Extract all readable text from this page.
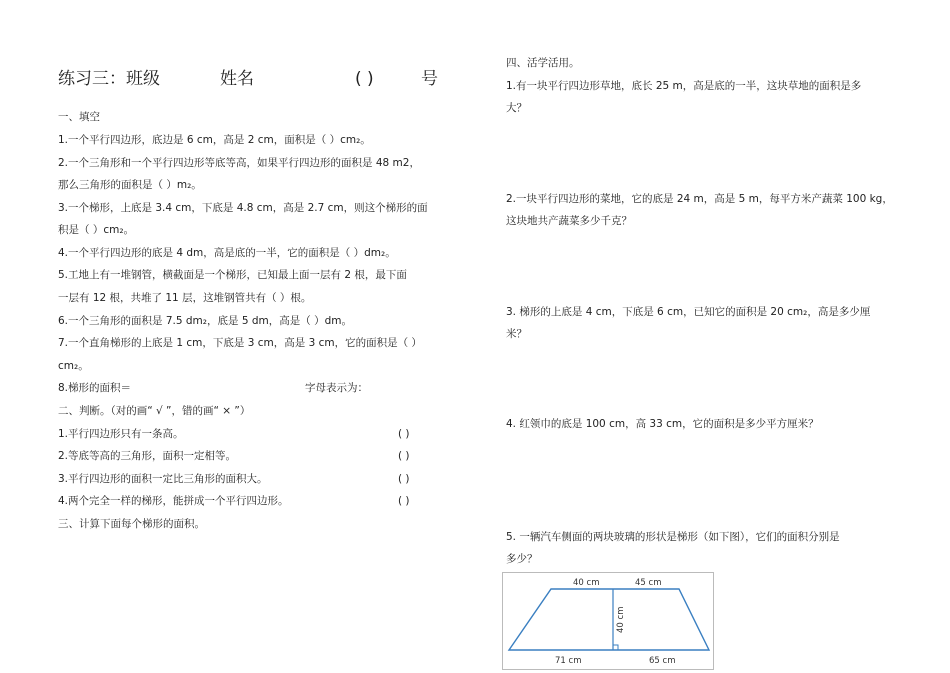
练习三：班级	姓名	( )	号
一、填空
1.一个平行四边形，底边是 6 cm，高是 2 cm，面积是（ ）cm₂。
2.一个三角形和一个平行四边形等底等高，如果平行四边形的面积是 48 m2，
那么三角形的面积是（ ）m₂。
3.一个梯形，上底是 3.4 cm，下底是 4.8 cm，高是 2.7 cm，则这个梯形的面
积是（ ）cm₂。
4.一个平行四边形的底是 4 dm，高是底的一半，它的面积是（ ）dm₂。
5.工地上有一堆钢管，横截面是一个梯形，已知最上面一层有 2 根，最下面
一层有 12 根，共堆了 11 层，这堆钢管共有（ ）根。
6.一个三角形的面积是 7.5 dm₂，底是 5 dm，高是（ ）dm。
7.一个直角梯形的上底是 1 cm，下底是 3 cm，高是 3 cm，它的面积是（ ）
cm₂。
8.梯形的面积＝	字母表示为：
二、判断。（对的画“ √ ”，错的画“ × ”）
1.平行四边形只有一条高。	( )
2.等底等高的三角形，面积一定相等。	( )
3.平行四边形的面积一定比三角形的面积大。	( )
4.两个完全一样的梯形，能拼成一个平行四边形。	( )
三、计算下面每个梯形的面积。
四、活学活用。
1.有一块平行四边形草地，底长 25 m，高是底的一半，这块草地的面积是多
大？
2.一块平行四边形的菜地，它的底是 24 m，高是 5 m，每平方米产蔬菜 100 kg，
这块地共产蔬菜多少千克？
3. 梯形的上底是 4 cm，下底是 6 cm，已知它的面积是 20 cm₂，高是多少厘
米？
4. 红领巾的底是 100 cm，高 33 cm，它的面积是多少平方厘米？
5. 一辆汽车侧面的两块玻璃的形状是梯形（如下图），它们的面积分别是
多少？
40 cm	45 cm
40 cm
71 cm	65 cm
